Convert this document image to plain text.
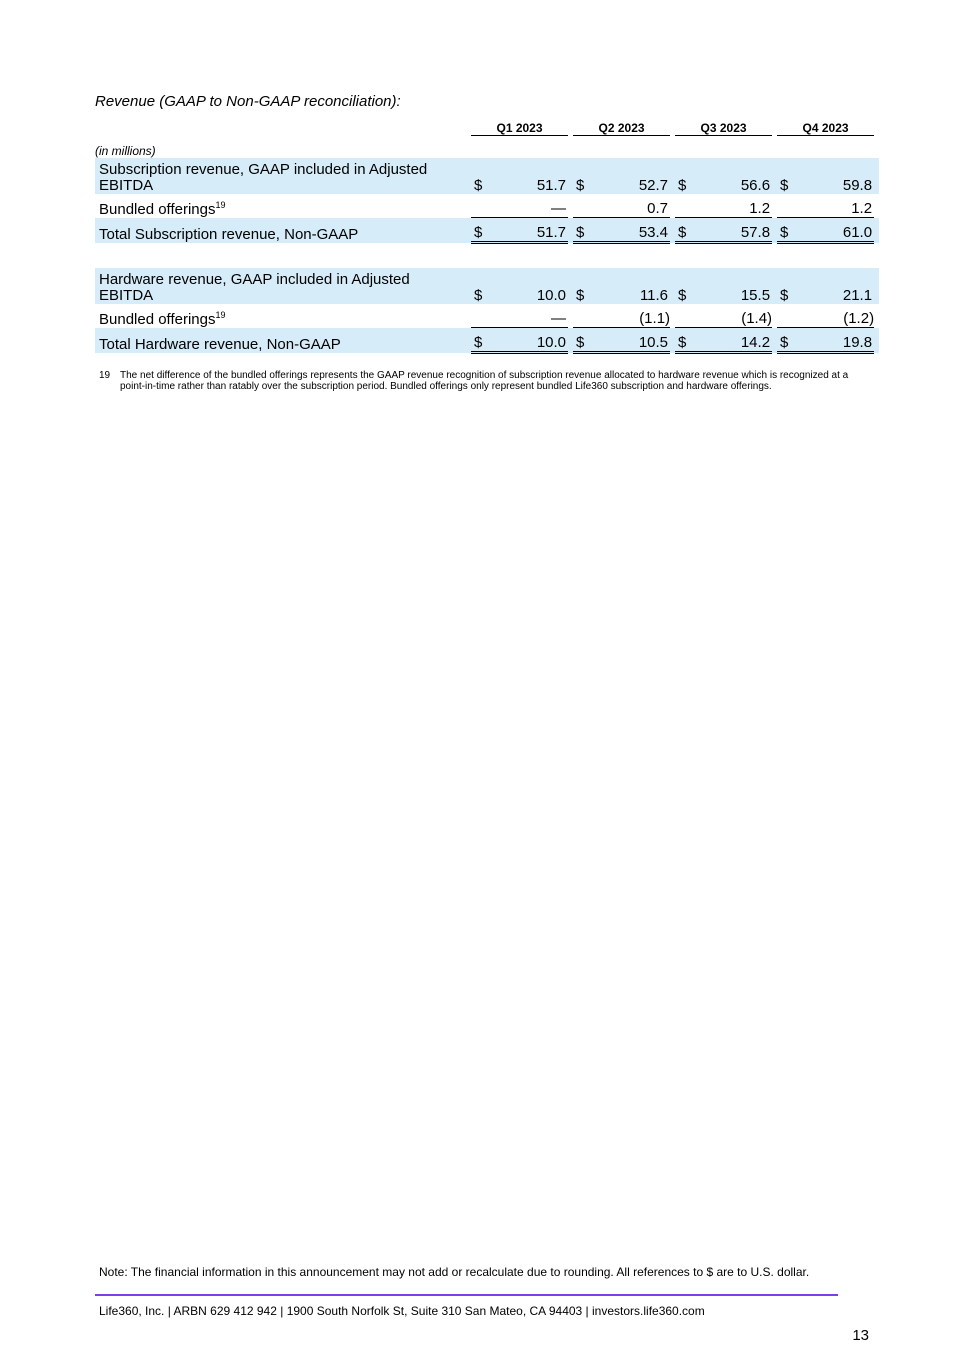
Revenue (GAAP to Non-GAAP reconciliation):
		Q1 2023			Q2 2023			Q3 2023			Q4 2023		
(in millions)													
Subscription revenue, GAAP included in Adjusted EBITDA		$	51.7		$	52.7		$	56.6		$	59.8	
Bundled offerings$^{19}$			—			0.7			1.2			1.2	
Total Subscription revenue, Non-GAAP		$	51.7		$	53.4		$	57.8		$	61.0	

Hardware revenue, GAAP included in Adjusted EBITDA		$	10.0		$	11.6		$	15.5		$	21.1	
Bundled offerings$^{19}$			—			(1.1)			(1.4)			(1.2)	
Total Hardware revenue, Non-GAAP		$	10.0		$	10.5		$	14.2		$	19.8	
19 The net difference of the bundled offerings represents the GAAP revenue recognition of subscription revenue allocated to hardware revenue which is recognized at a point-in-time rather than ratably over the subscription period. Bundled offerings only represent bundled Life360 subscription and hardware offerings.
Note: The financial information in this announcement may not add or recalculate due to rounding. All references to $ are to U.S. dollar.
Life360, Inc. | ARBN 629 412 942 | 1900 South Norfolk St, Suite 310 San Mateo, CA 94403 | investors.life360.com
13
